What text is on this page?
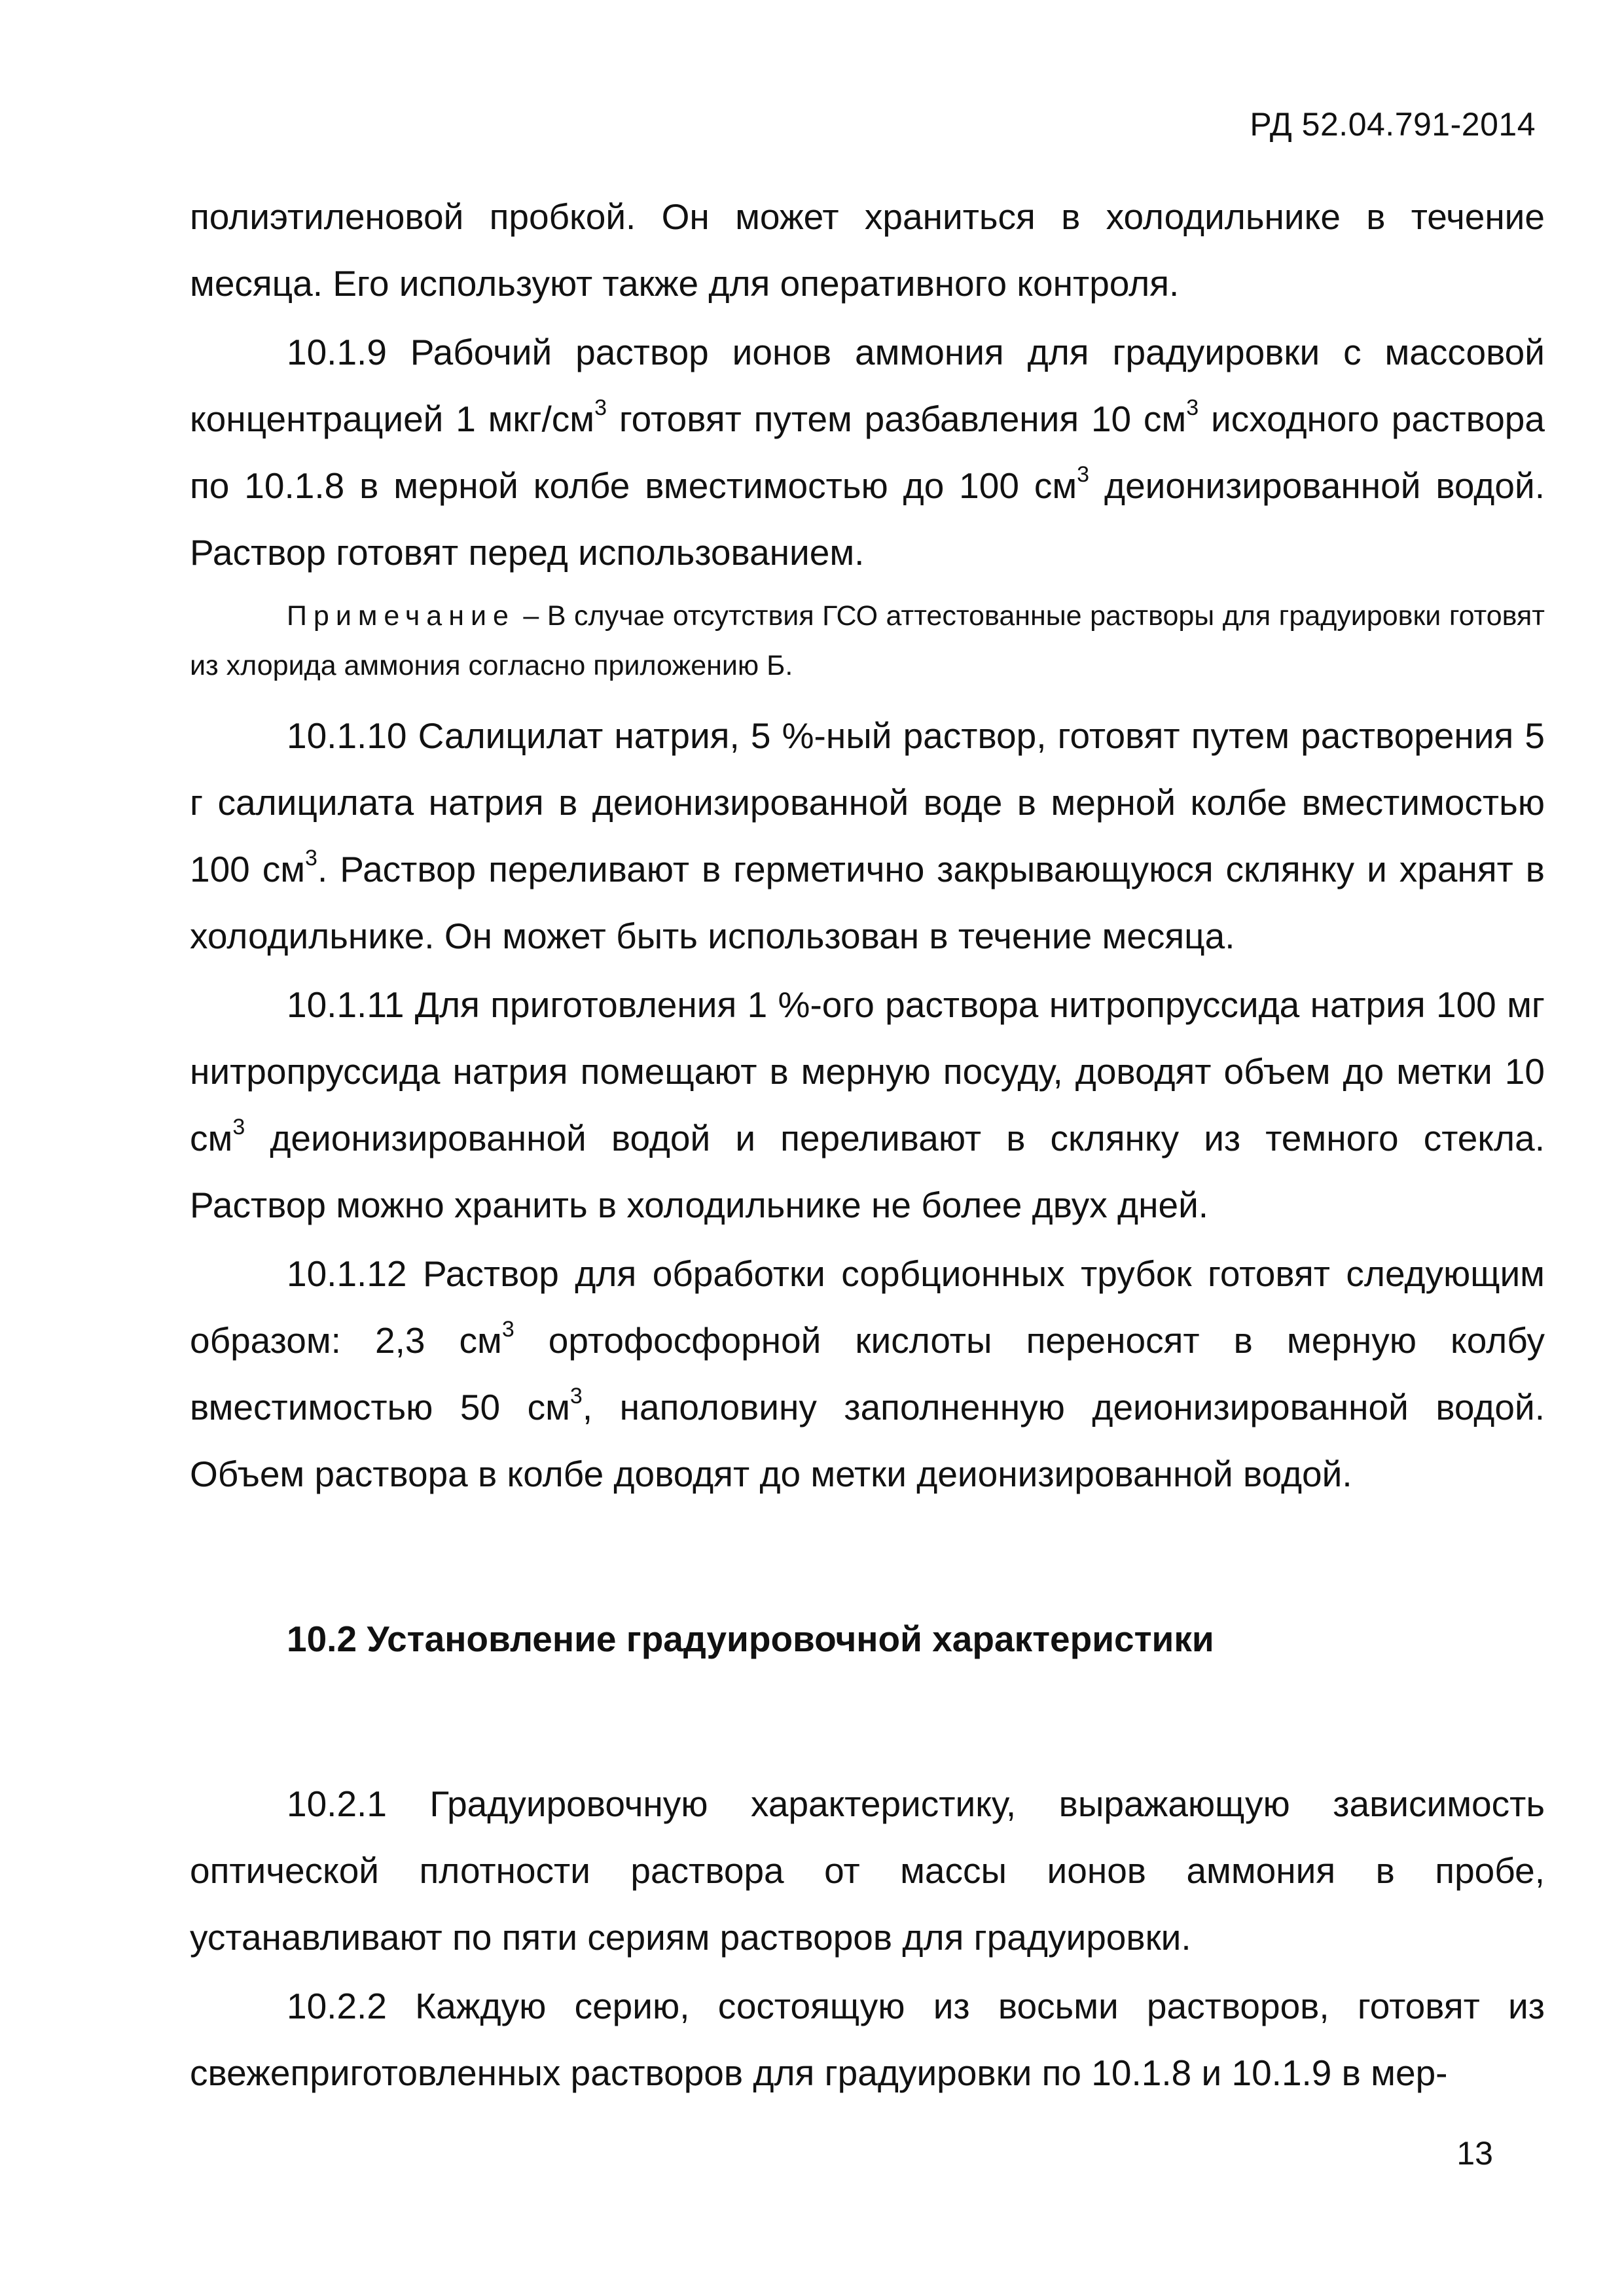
РД 52.04.791-2014

полиэтиленовой пробкой. Он может храниться в холодильнике в течение месяца. Его используют также для оперативного контроля.

10.1.9 Рабочий раствор ионов аммония для градуировки с массовой концентрацией 1 мкг/$см^3$ готовят путем разбавления 10 $см^3$ исходного раствора по 10.1.8 в мерной колбе вместимостью до 100 $см^3$ деионизированной водой. Раствор готовят перед использованием.

Примечание – В случае отсутствия ГСО аттестованные растворы для градуировки готовят из хлорида аммония согласно приложению Б.

10.1.10 Салицилат натрия, 5 %-ный раствор, готовят путем растворения 5 г салицилата натрия в деионизированной воде в мерной колбе вместимостью 100 $см^3$. Раствор переливают в герметично закрывающуюся склянку и хранят в холодильнике. Он может быть использован в течение месяца.

10.1.11 Для приготовления 1 %-ого раствора нитропруссида натрия 100 мг нитропруссида натрия помещают в мерную посуду, доводят объем до метки 10 $см^3$ деионизированной водой и переливают в склянку из темного стекла. Раствор можно хранить в холодильнике не более двух дней.

10.1.12 Раствор для обработки сорбционных трубок готовят следующим образом: 2,3 $см^3$ ортофосфорной кислоты переносят в мерную колбу вместимостью 50 $см^3$, наполовину заполненную деионизированной водой. Объем раствора в колбе доводят до метки деионизированной водой.

10.2 Установление градуировочной характеристики

10.2.1 Градуировочную характеристику, выражающую зависимость оптической плотности раствора от массы ионов аммония в пробе, устанавливают по пяти сериям растворов для градуировки.

10.2.2 Каждую серию, состоящую из восьми растворов, готовят из свежеприготовленных растворов для градуировки по 10.1.8 и 10.1.9 в мер-

13
